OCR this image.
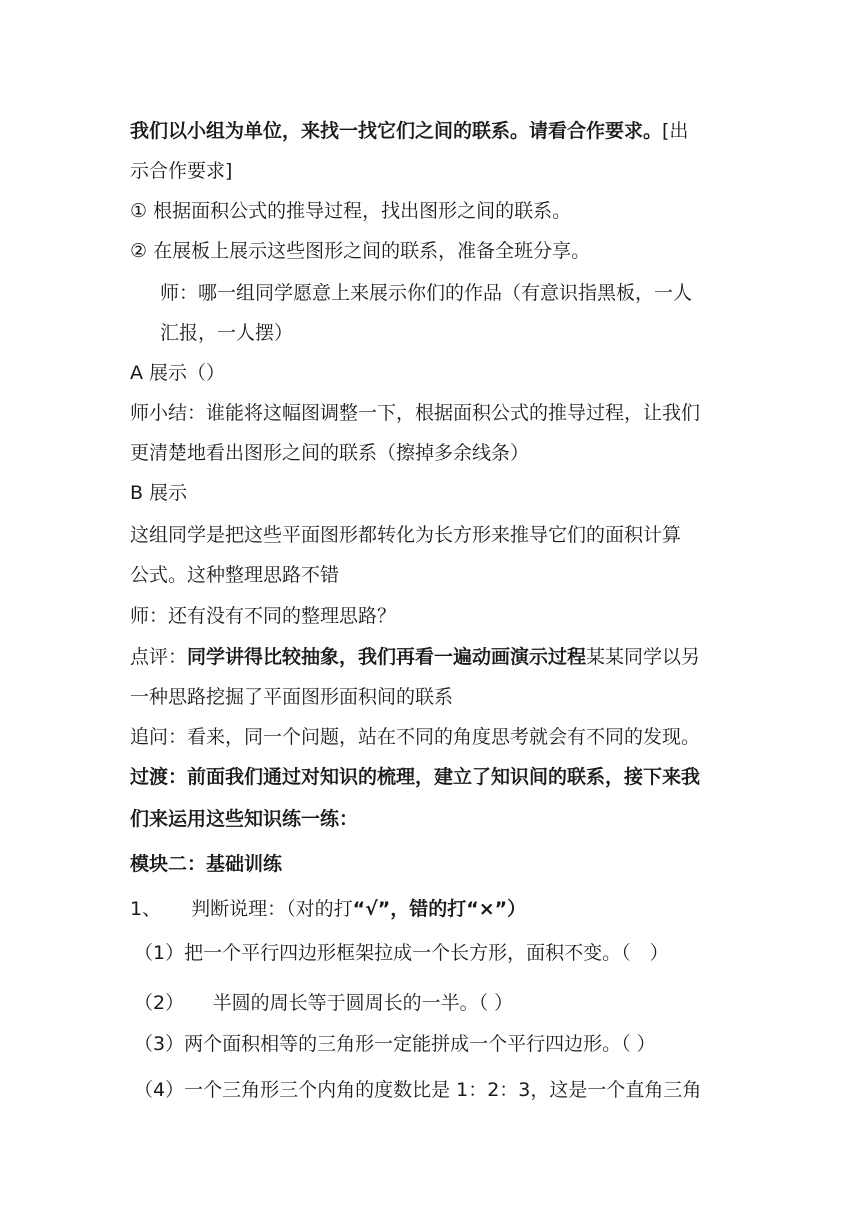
我们以小组为单位，来找一找它们之间的联系。请看合作要求。[出
示合作要求]
① 根据面积公式的推导过程，找出图形之间的联系。
② 在展板上展示这些图形之间的联系，准备全班分享。
师：哪一组同学愿意上来展示你们的作品（有意识指黑板，一人
汇报，一人摆）
A 展示（）
师小结：谁能将这幅图调整一下，根据面积公式的推导过程，让我们
更清楚地看出图形之间的联系（擦掉多余线条）
B 展示
这组同学是把这些平面图形都转化为长方形来推导它们的面积计算
公式。这种整理思路不错
师：还有没有不同的整理思路？
点评：同学讲得比较抽象，我们再看一遍动画演示过程某某同学以另
一种思路挖掘了平面图形面积间的联系
追问：看来，同一个问题，站在不同的角度思考就会有不同的发现。
过渡：前面我们通过对知识的梳理，建立了知识间的联系，接下来我
们来运用这些知识练一练：
模块二：基础训练
1、 判断说理：（对的打“√”，错的打“×”）
（1）把一个平行四边形框架拉成一个长方形，面积不变。（　）
（2）　　半圆的周长等于圆周长的一半。（ ）
（3）两个面积相等的三角形一定能拼成一个平行四边形。（ ）
（4）一个三角形三个内角的度数比是 1：2：3，这是一个直角三角
